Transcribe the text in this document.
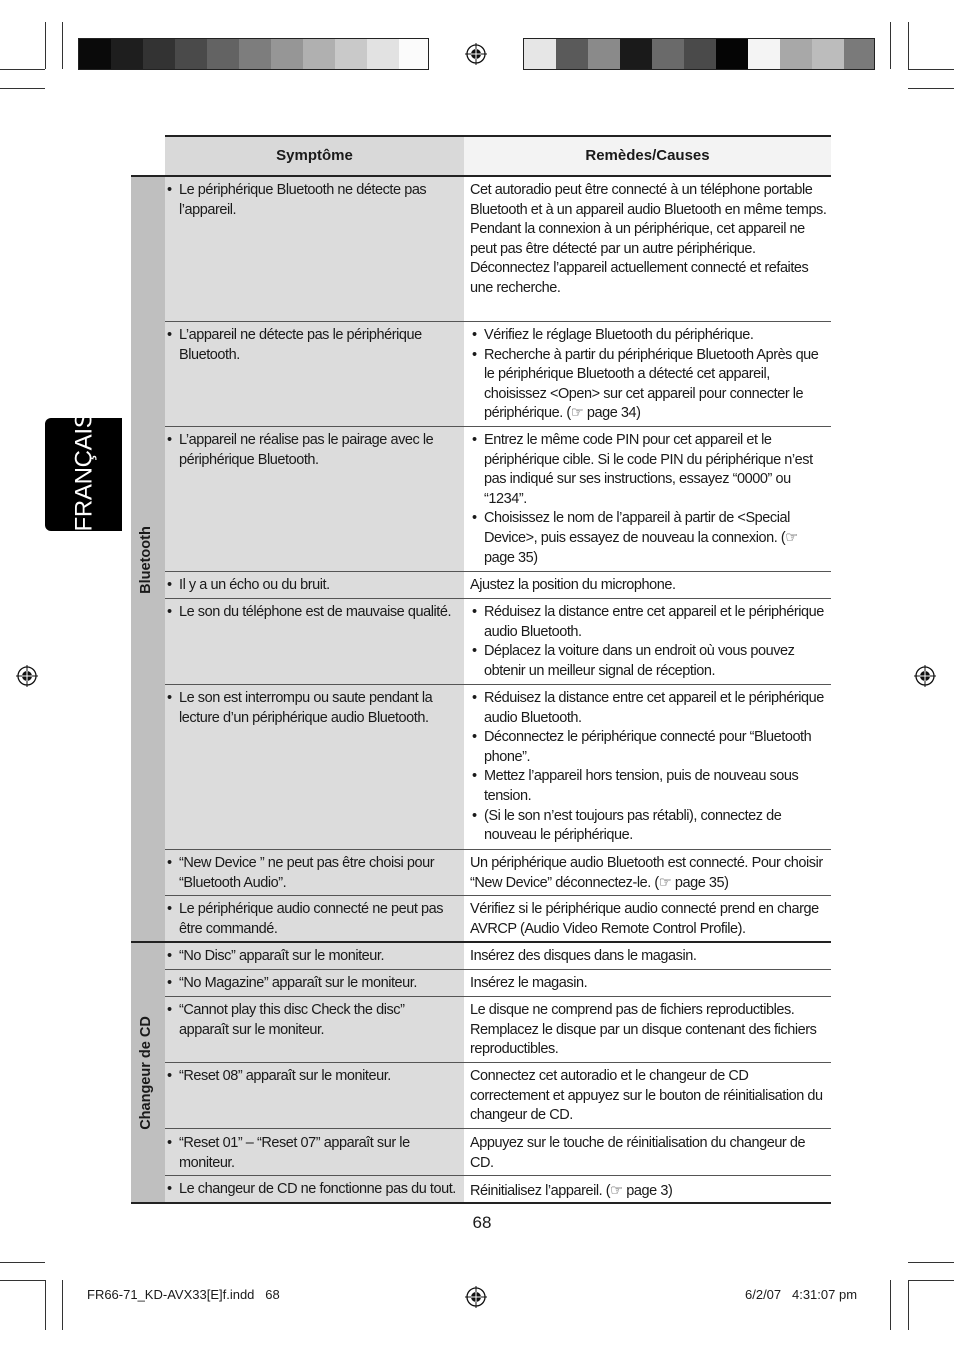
FRANÇAIS
Symptôme	Remèdes/Causes
Bluetooth
Changeur de CD
• Le périphérique Bluetooth ne détecte pas l’appareil.
Cet autoradio peut être connecté à un téléphone portable Bluetooth et à un appareil audio Bluetooth en même temps.
Pendant la connexion à un périphérique, cet appareil ne peut pas être détecté par un autre périphérique. Déconnectez l’appareil actuellement connecté et refaites une recherche.
• L’appareil ne détecte pas le périphérique Bluetooth.
• Vérifiez le réglage Bluetooth du périphérique.
• Recherche à partir du périphérique Bluetooth Après que le périphérique Bluetooth a détecté cet appareil, choisissez <Open> sur cet appareil pour connecter le périphérique. (☞ page 34)
• L’appareil ne réalise pas le pairage avec le périphérique Bluetooth.
• Entrez le même code PIN pour cet appareil et le périphérique cible. Si le code PIN du périphérique n’est pas indiqué sur ses instructions, essayez “0000” ou “1234”.
• Choisissez le nom de l’appareil à partir de <Special Device>, puis essayez de nouveau la connexion. (☞ page 35)
• Il y a un écho ou du bruit.	Ajustez la position du microphone.
• Le son du téléphone est de mauvaise qualité.
•	Réduisez la distance entre cet appareil et le périphérique audio Bluetooth.
• Déplacez la voiture dans un endroit où vous pouvez obtenir un meilleur signal de réception.
• Le son est interrompu ou saute pendant la lecture d’un périphérique audio Bluetooth.
• Réduisez la distance entre cet appareil et le périphérique audio Bluetooth.
• Déconnectez le périphérique connecté pour “Bluetooth phone”.
• Mettez l’appareil hors tension, puis de nouveau sous tension.
• (Si le son n’est toujours pas rétabli), connectez de nouveau le périphérique.
• “New Device ” ne peut pas être choisi pour “Bluetooth Audio”.
Un périphérique audio Bluetooth est connecté. Pour choisir “New Device” déconnectez-le. (☞ page 35)
• Le périphérique audio connecté ne peut pas être commandé.
Vérifiez si le périphérique audio connecté prend en charge AVRCP (Audio Video Remote Control Profile).
• “No Disc” apparaît sur le moniteur.	Insérez des disques dans le magasin.
• “No Magazine” apparaît sur le moniteur.	Insérez le magasin.
• “Cannot play this disc Check the disc” apparaît sur le moniteur.
Le disque ne comprend pas de fichiers reproductibles. Remplacez le disque par un disque contenant des fichiers reproductibles.
• “Reset 08” apparaît sur le moniteur.	Connectez cet autoradio et le changeur de CD correctement et appuyez sur le bouton de réinitialisation du changeur de CD.
• “Reset 01” – “Reset 07” apparaît sur le moniteur.
Appuyez sur le touche de réinitialisation du changeur de CD.
• Le changeur de CD ne fonctionne pas du tout. Réinitialisez l’appareil. (☞ page 3)
68
FR66-71_KD-AVX33[E]f.indd   68	6/2/07   4:31:07 pm
